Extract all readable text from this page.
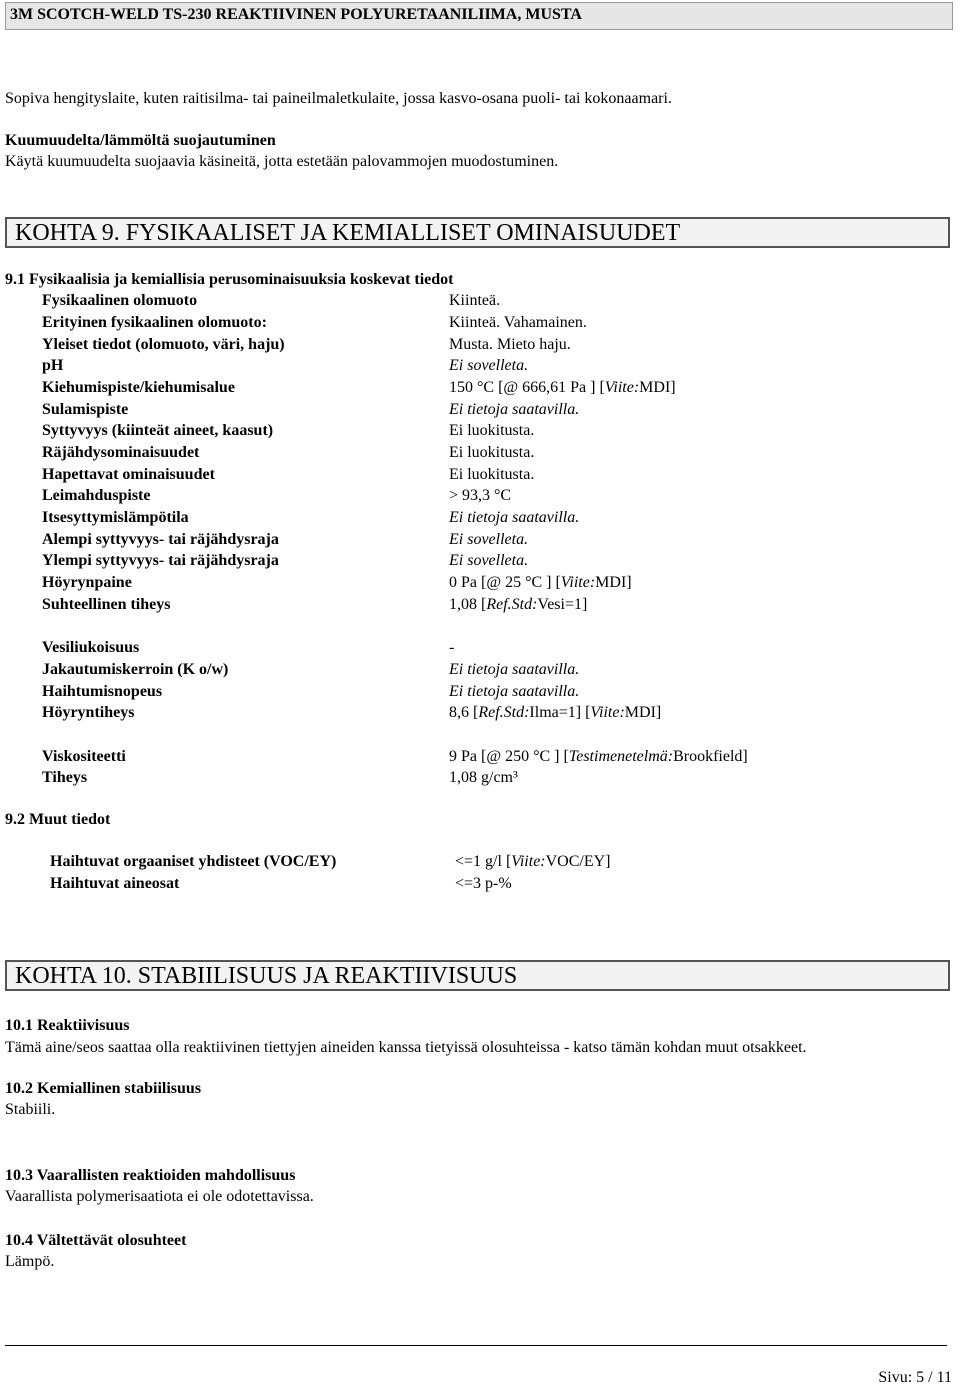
3M SCOTCH-WELD TS-230 REAKTIIVINEN POLYURETAANILIIMA, MUSTA
Sopiva hengityslaite, kuten raitisilma- tai paineilmaletkulaite, jossa kasvo-osana puoli- tai kokonaamari.
Kuumuudelta/lämmöltä suojautuminen
Käytä kuumuudelta suojaavia käsineitä, jotta estetään palovammojen muodostuminen.
KOHTA 9. FYSIKAALISET JA KEMIALLISET OMINAISUUDET
9.1 Fysikaalisia ja kemiallisia perusominaisuuksia koskevat tiedot
Fysikaalinen olomuoto	Kiinteä.
Erityinen fysikaalinen olomuoto:	Kiinteä. Vahamainen.
Yleiset tiedot (olomuoto, väri, haju)	Musta. Mieto haju.
pH	Ei sovelleta.
Kiehumispiste/kiehumisalue	150 °C [@ 666,61 Pa ] [Viite:MDI]
Sulamispiste	Ei tietoja saatavilla.
Syttyvyys (kiinteät aineet, kaasut)	Ei luokitusta.
Räjähdysominaisuudet	Ei luokitusta.
Hapettavat ominaisuudet	Ei luokitusta.
Leimahduspiste	> 93,3 °C
Itsesyttymislämpötila	Ei tietoja saatavilla.
Alempi syttyvyys- tai räjähdysraja	Ei sovelleta.
Ylempi syttyvyys- tai räjähdysraja	Ei sovelleta.
Höyrynpaine	0 Pa [@ 25 °C ] [Viite:MDI]
Suhteellinen tiheys	1,08 [Ref.Std:Vesi=1]
Vesiliukoisuus	-
Jakautumiskerroin (K o/w)	Ei tietoja saatavilla.
Haihtumisnopeus	Ei tietoja saatavilla.
Höyryntiheys	8,6 [Ref.Std:Ilma=1] [Viite:MDI]
Viskositeetti	9 Pa [@ 250 °C ] [Testimenetelmä:Brookfield]
Tiheys	1,08 g/cm³
9.2 Muut tiedot
Haihtuvat orgaaniset yhdisteet (VOC/EY)	<=1 g/l [Viite:VOC/EY]
Haihtuvat aineosat	<=3 p-%
KOHTA 10. STABIILISUUS JA REAKTIIVISUUS
10.1 Reaktiivisuus
Tämä aine/seos saattaa olla reaktiivinen tiettyjen aineiden kanssa tietyissä olosuhteissa - katso tämän kohdan muut otsakkeet.
10.2 Kemiallinen stabiilisuus
Stabiili.
10.3 Vaarallisten reaktioiden mahdollisuus
Vaarallista polymerisaatiota ei ole odotettavissa.
10.4 Vältettävät olosuhteet
Lämpö.
Sivu: 5 / 11
